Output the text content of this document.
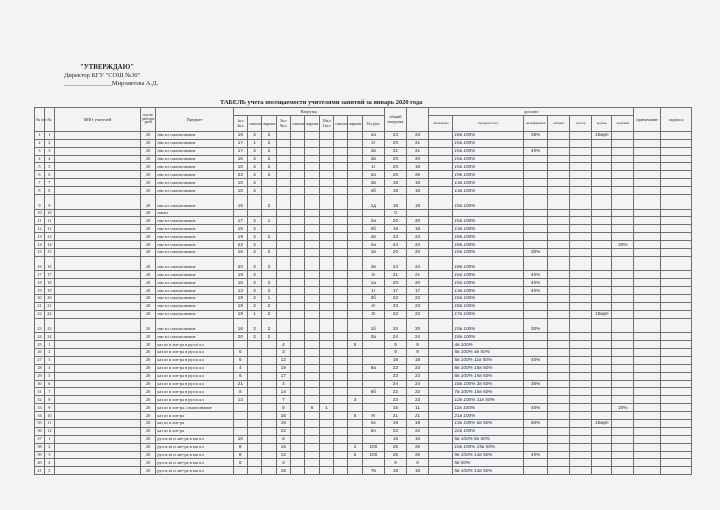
"УТВЕРЖДАЮ"
Директор КГУ "СОШ №30"
_______________Мирзаятова А.Д.
ТАБЕЛЬ учета посещаемости учителями занятий за январь 2020 года
№ пп	№	ФИО учителей	кол-во рабочих дней	Предмет	Нагрузка										общий нагрузка		доплата							примечание	подпись
					1кл 4кл	самооп	вариат	5кл 9кл	самооп	вариат	10кл 11кл	самооп	вариат	Кл рук			обновленка	проценты/тетр	квалификация	кабинет	мастер	кружок	надбавки		
1	1		20	нач кл самопознание	19	2	2							4а	23	23		18в 100%	35%			10мрп			
2	2		20	нач кл самопознание	17	1	2							2г	20	21		15в 100%							
3	3		20	нач кл самопознание	17	2	2							2в	21	21		15в 100%	40%						
4	4		20	нач кл самопознание	16	2	2							3в	20	20		15в 100%							
5	5		20	нач кл самопознание	16	2	2							1г	20	19		15в 100%							
6	6		20	нач кл самопознание	22	2	2							3а	26	26		19в 100%							
7	7		20	нач кл самопознание	16	2								3в	18	18		13в 100%							
8	8		20	нач кл самопознание	16	2								4б	18	18		13в 100%							
9	9		20	нач кл самопознание	16		2							1д	18	18		15в 100%							
10	10		20	начкл											0										
11	11		20	нач кл самопознание	17	2	1							2а	20	20		15в 100%							
12	12		20	нач кл самопознание	16	2								2б	18	18		13в 100%							
13	13		20	нач кл самопознание	19	2	2							4в	23	23		18в 100%							
14	14		20	нач кл самопознание	22	2								4а	24	24		18в 100%					20%		
15	15		20	нач кл самопознание	16	2	2							1в	20	20		15в 100%	30%						
16	16		20	нач кл самопознание	20	2	2							2в	24	24		18в 100%							
17	17		20	нач кл самопознание	19	2								4г	21	21		16в 100%	40%						
18	18		20	нач кл самопознание	16	2	2							1а	20	20		15в 100%	40%						
19	19		20	нач кл самопознание	13	2	2							1г	17	17		13в 100%	40%						
20	20		20	нач кл самопознание	19	2	1							3б	22	22		16в 100%							
21	21		20	нач кл самопознание	19	2	2							4г	23	23		18в 100%							
22	22		20	нач кл самопознание	19	1	2							3г	22	22		17в 100%				10мрп			
23	23		20	нач кл самопознание	16	2	2							1б	20	20		15в 100%	30%						
24	24		20	нач кл самопознание	20	2	2							3а	24	24		18в 100%							
25	1		20	каз яз и лит-ра в русск кл				4					5		9	9		4в 100%							
26	2		20	каз яз и лит-ра в русск кл	6			3							9	9		5в 100% 4в 50%							
27	3		20	каз яз и лит-ра в русск кл	6			12							18	18		5в 100% 11в 50%	40%						
28	4		20	каз яз и лит-ра в русск кл	4			19						8а	23	23		8в 100% 15в 50%							
29	5		20	каз яз и лит-ра в русск кл	6			17							23	23		8в 100% 15в 50%							
30	6		20	каз яз и лит-ра в русск кл	21			3							24	24		18в 100% 3в 50%	35%						
31	7		20	каз яз и лит-ра в русск кл	8			14						6б	22	22		7в 100% 15в 50%							
32	8		20	каз яз и лит-ра в русск кл	13			7					3		23	23		12в 100% 11в 50%							
33	9		20	каз яз и лит-ра, самопознание				8		6	1				15	11		11в 100%	40%				20%		
34	10		20	каз яз и лит-ра				16					5	9г	21	21		21в 100%							
35	11		20	каз яз и лит-ра				19						5з	19	19		13в 100% 6в 50%	50%			10мрп			
36	12		20	каз яз и лит-ра				22						6н	22	22		22в 100%							
37	1		20	русск яз и лит-ра в каз кл	10			6							16	16		5в 100% 8в 50%							
38	2		20	русск яз и лит-ра в каз кл	8			15					2	10б	25	25		10в 100% 15в 50%							
39	3		20	русск яз и лит-ра в каз кл	8			12					5	10б	25	25		9в 100% 13в 50%	40%						
40	4		20	русск яз и лит-ра в каз кл	6			3							9	9		5в 50%							
41	5		20	русск яз и лит-ра в каз кл				18						7в	18	18		5в 100% 13в 50%							
